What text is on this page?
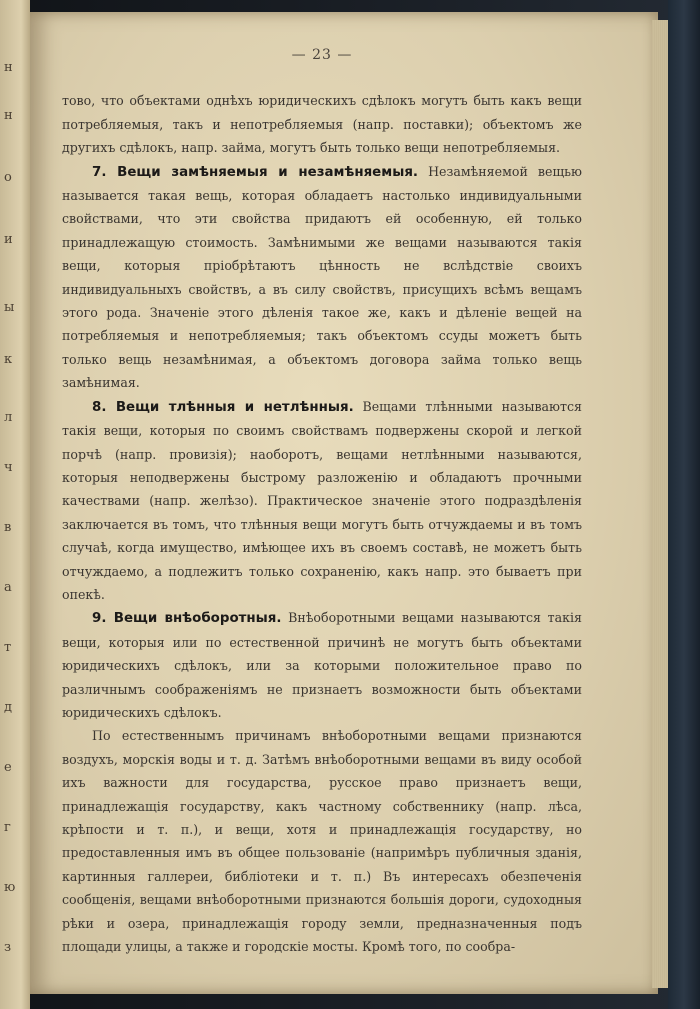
н
н
о
и
ы
к
л
ч
в
а
т
д
е
г
ю
з
— 23 —

тово, что объектами однѣхъ юридическихъ сдѣлокъ могутъ быть какъ вещи потребляемыя, такъ и непотребляемыя (напр. поставки); объектомъ же другихъ сдѣлокъ, напр. займа, могутъ быть только вещи непотребляемыя.

7. Вещи замѣняемыя и незамѣняемыя. Незамѣняемой вещью называется такая вещь, которая обладаетъ настолько индивидуальными свойствами, что эти свойства придаютъ ей особенную, ей только принадлежащую стоимость. Замѣнимыми же вещами называются такія вещи, которыя пріобрѣтаютъ цѣнность не вслѣдствіе своихъ индивидуальныхъ свойствъ, а въ силу свойствъ, присущихъ всѣмъ вещамъ этого рода. Значеніе этого дѣленія такое же, какъ и дѣленіе вещей на потребляемыя и непотребляемыя; такъ объектомъ ссуды можетъ быть только вещь незамѣнимая, а объектомъ договора займа только вещь замѣнимая.

8. Вещи тлѣнныя и нетлѣнныя. Вещами тлѣнными называются такія вещи, которыя по своимъ свойствамъ подвержены скорой и легкой порчѣ (напр. провизія); наоборотъ, вещами нетлѣнными называются, которыя неподвержены быстрому разложенію и обладаютъ прочными качествами (напр. желѣзо). Практическое значеніе этого подраздѣленія заключается въ томъ, что тлѣнныя вещи могутъ быть отчуждаемы и въ томъ случаѣ, когда имущество, имѣющее ихъ въ своемъ составѣ, не можетъ быть отчуждаемо, а подлежитъ только сохраненію, какъ напр. это бываетъ при опекѣ.

9. Вещи внѣоборотныя. Внѣоборотными вещами называются такія вещи, которыя или по естественной причинѣ не могутъ быть объектами юридическихъ сдѣлокъ, или за которыми положительное право по различнымъ соображеніямъ не признаетъ возможности быть объектами юридическихъ сдѣлокъ.

По естественнымъ причинамъ внѣоборотными вещами признаются воздухъ, морскія воды и т. д. Затѣмъ внѣоборотными вещами въ виду особой ихъ важности для государства, русское право признаетъ вещи, принадлежащія государству, какъ частному собственнику (напр. лѣса, крѣпости и т. п.), и вещи, хотя и принадлежащія государству, но предоставленныя имъ въ общее пользованіе (напримѣръ публичныя зданія, картинныя галлереи, библіотеки и т. п.) Въ интересахъ обезпеченія сообщенія, вещами внѣоборотными признаются большія дороги, судоходныя рѣки и озера, принадлежащія городу земли, предназначенныя подъ площади улицы, а также и городскіе мосты. Кромѣ того, по сообра-
